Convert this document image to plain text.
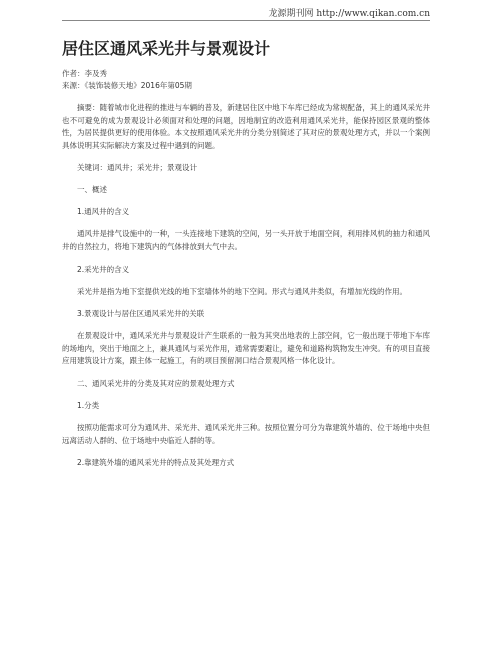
龙源期刊网 http://www.qikan.com.cn
居住区通风采光井与景观设计

作者：李及秀

来源：《装饰装修天地》2016年第05期

摘要：随着城市化进程的推进与车辆的普及，新建居住区中地下车库已经成为常规配备，其上的通风采光井也不可避免的成为景观设计必须面对和处理的问题，因地制宜的改造利用通风采光井，能保持园区景观的整体性，为居民提供更好的使用体验。本文按照通风采光井的分类分别简述了其对应的景观处理方式，并以一个案例具体说明其实际解决方案及过程中遇到的问题。

关键词：通风井；采光井；景观设计

一、概述

1.通风井的含义

通风井是排气设施中的一种，一头连接地下建筑的空间，另一头开放于地面空间，利用排风机的抽力和通风井的自然拉力，将地下建筑内的气体排放到大气中去。

2.采光井的含义

采光井是指为地下室提供光线的地下室墙体外的地下空间。形式与通风井类似，有增加光线的作用。

3.景观设计与居住区通风采光井的关联

在景观设计中，通风采光井与景观设计产生联系的一般为其突出地表的上部空间，它一般出现于带地下车库的场地内，突出于地面之上，兼具通风与采光作用，通常需要避让，避免和道路构筑物发生冲突。有的项目直接应用建筑设计方案，跟主体一起施工，有的项目预留洞口结合景观风格一体化设计。

二、通风采光井的分类及其对应的景观处理方式

1.分类

按照功能需求可分为通风井、采光井、通风采光井三种。按照位置分可分为靠建筑外墙的、位于场地中央但远离活动人群的、位于场地中央临近人群的等。

2.靠建筑外墙的通风采光井的特点及其处理方式
